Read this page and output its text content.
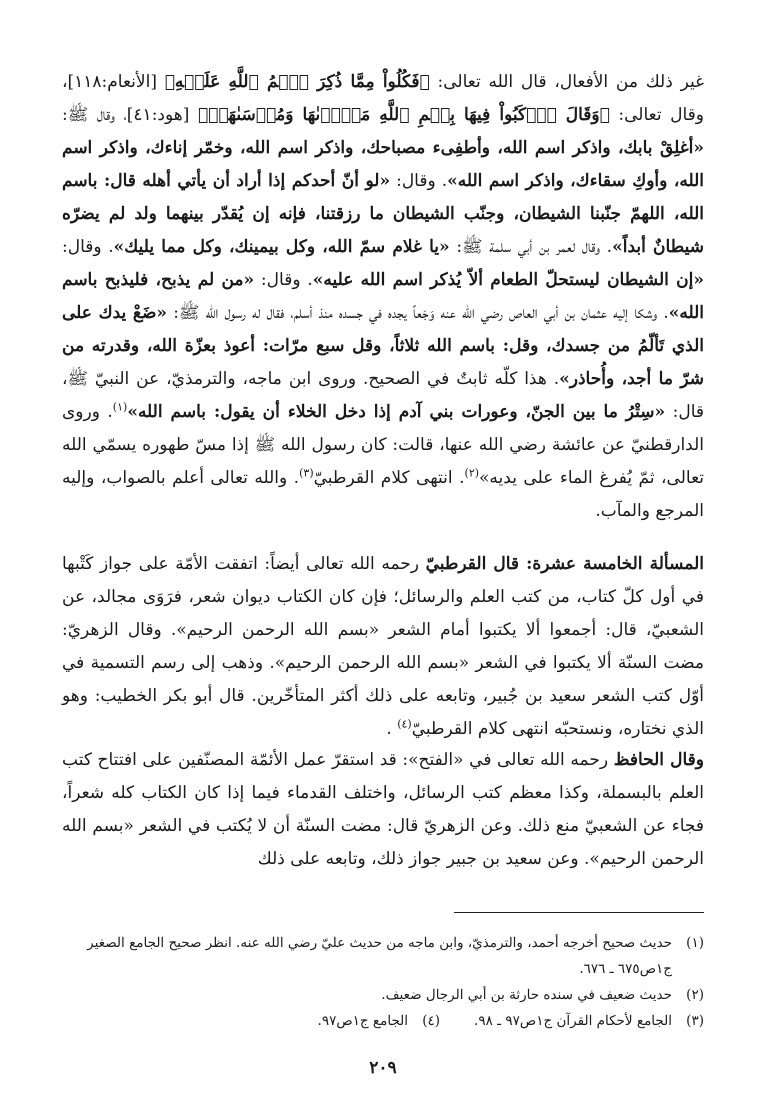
غير ذلك من الأفعال، قال الله تعالى: ﴿فَكُلُواْ مِمَّا ذُكِرَ ٱسۡمُ ٱللَّهِ عَلَيۡهِ﴾ [الأنعام:١١٨]، وقال تعالى: ﴿وَقَالَ ٱرۡكَبُواْ فِيهَا بِسۡمِ ٱللَّهِ مَجۡرٜىٰهَا وَمُرۡسَىٰهَآۚ﴾ [هود:٤١]، وقال ﷺ: «أغلِقْ بابك، واذكر اسم الله، وأطفِىء مصباحك، واذكر اسم الله، وخمّر إناءك، واذكر اسم الله، وأوكِ سقاءك، واذكر اسم الله». وقال: «لو أنّ أحدكم إذا أراد أن يأتي أهله قال: باسم الله، اللهمّ جنّبنا الشيطان، وجنّب الشيطان ما رزقتنا، فإنه إن يُقدّر بينهما ولد لم يضرّه شيطانٌ أبداً». وقال لعمر بن أبي سلمة ﷺ: «يا غلام سمّ الله، وكل بيمينك، وكل مما يليك». وقال: «إن الشيطان ليستحلّ الطعام ألاّ يُذكر اسم الله عليه». وقال: «من لم يذبح، فليذبح باسم الله». وشكا إليه عثمان بن أبي العاص رضي الله عنه وَجَعاً يجده في جسده منذ أسلم، فقال له رسول الله ﷺ: «ضَعْ يدك على الذي تَألّمُ من جسدك، وقل: باسم الله ثلاثاً، وقل سبع مرّات: أعوذ بعزّة الله، وقدرته من شرّ ما أجد، وأُحاذر». هذا كلّه ثابتٌ في الصحيح. وروى ابن ماجه، والترمذيّ، عن النبيّ ﷺ، قال: «سِتْرُ ما بين الجنّ، وعورات بني آدم إذا دخل الخلاء أن يقول: باسم الله»$^{(١)}$. وروى الدارقطنيّ عن عائشة رضي الله عنها، قالت: كان رسول الله ﷺ إذا مسّ طهوره يسمّي الله تعالى، ثمّ يُفرغ الماء على يديه»$^{(٢)}$. انتهى كلام القرطبيّ$^{(٣)}$. والله تعالى أعلم بالصواب، وإليه المرجع والمآب.

المسألة الخامسة عشرة: قال القرطبيّ رحمه الله تعالى أيضاً: اتفقت الأمّة على جواز كَتْبها في أول كلّ كتاب، من كتب العلم والرسائل؛ فإن كان الكتاب ديوان شعر، فرَوَى مجالد، عن الشعبيّ، قال: أجمعوا ألا يكتبوا أمام الشعر «بسم الله الرحمن الرحيم». وقال الزهريّ: مضت السنّة ألا يكتبوا في الشعر «بسم الله الرحمن الرحيم». وذهب إلى رسم التسمية في أوّل كتب الشعر سعيد بن جُبير، وتابعه على ذلك أكثر المتأخّرين. قال أبو بكر الخطيب: وهو الذي نختاره، ونستحبّه انتهى كلام القرطبيّ$^{(٤)}$ .

وقال الحافظ رحمه الله تعالى في «الفتح»: قد استقرّ عمل الأئمّة المصنّفين على افتتاح كتب العلم بالبسملة، وكذا معظم كتب الرسائل، واختلف القدماء فيما إذا كان الكتاب كله شعراً، فجاء عن الشعبيّ منع ذلك. وعن الزهريّ قال: مضت السنّة أن لا يُكتب في الشعر «بسم الله الرحمن الرحيم». وعن سعيد بن جبير جواز ذلك، وتابعه على ذلك

(١)
حديث صحيح أخرجه أحمد، والترمذيّ، وابن ماجه من حديث عليّ رضي الله عنه. انظر صحيح الجامع الصغير ج١ص٦٧٥ ـ ٦٧٦.
(٢)
حديث ضعيف في سنده حارثة بن أبي الرجال ضعيف.
(٣)
الجامع لأحكام القرآن ج١ص٩٧ ـ ٩٨.
(٤)
الجامع ج١ص٩٧.
٢٠٩
